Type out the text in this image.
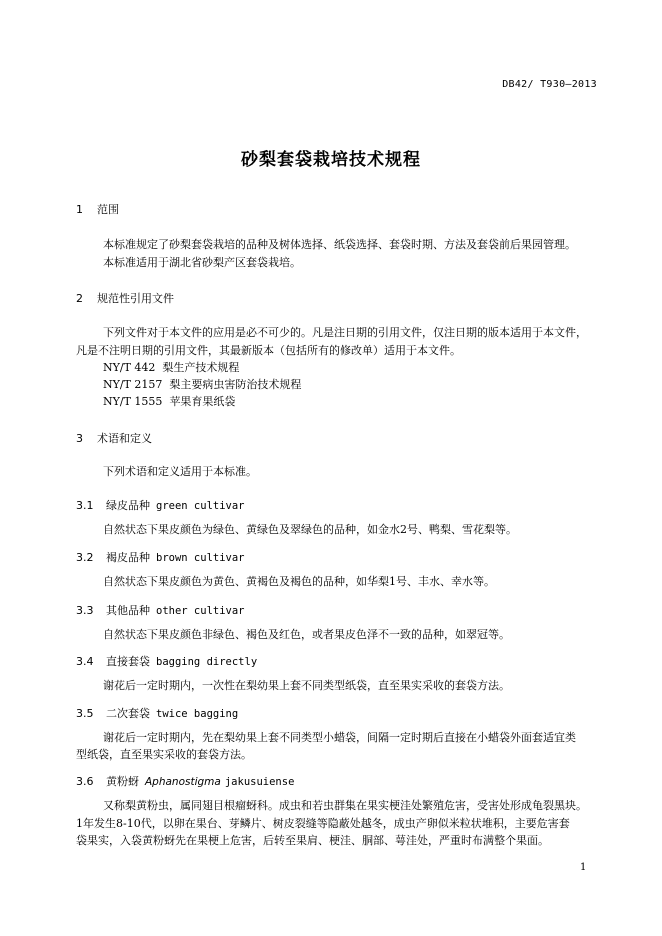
DB42/ T930—2013
砂梨套袋栽培技术规程
1 范围
本标准规定了砂梨套袋栽培的品种及树体选择、纸袋选择、套袋时期、方法及套袋前后果园管理。
本标准适用于湖北省砂梨产区套袋栽培。
2 规范性引用文件
下列文件对于本文件的应用是必不可少的。凡是注日期的引用文件，仅注日期的版本适用于本文件，
凡是不注明日期的引用文件，其最新版本（包括所有的修改单）适用于本文件。
NY/T 442 梨生产技术规程
NY/T 2157 梨主要病虫害防治技术规程
NY/T 1555 苹果育果纸袋
3 术语和定义
下列术语和定义适用于本标准。
3.1 绿皮品种 green cultivar
自然状态下果皮颜色为绿色、黄绿色及翠绿色的品种，如金水2号、鸭梨、雪花梨等。
3.2 褐皮品种 brown cultivar
自然状态下果皮颜色为黄色、黄褐色及褐色的品种，如华梨1号、丰水、幸水等。
3.3 其他品种 other cultivar
自然状态下果皮颜色非绿色、褐色及红色，或者果皮色泽不一致的品种，如翠冠等。
3.4 直接套袋 bagging directly
谢花后一定时期内，一次性在梨幼果上套不同类型纸袋，直至果实采收的套袋方法。
3.5 二次套袋 twice bagging
谢花后一定时期内，先在梨幼果上套不同类型小蜡袋，间隔一定时期后直接在小蜡袋外面套适宜类
型纸袋，直至果实采收的套袋方法。
3.6 黄粉蚜 Aphanostigma jakusuiense
又称梨黄粉虫，属同翅目根瘤蚜科。成虫和若虫群集在果实梗洼处繁殖危害，受害处形成龟裂黑块。
1年发生8-10代，以卵在果台、芽鳞片、树皮裂缝等隐蔽处越冬，成虫产卵似米粒状堆积，主要危害套
袋果实，入袋黄粉蚜先在果梗上危害，后转至果肩、梗洼、胴部、萼洼处，严重时布满整个果面。
1
